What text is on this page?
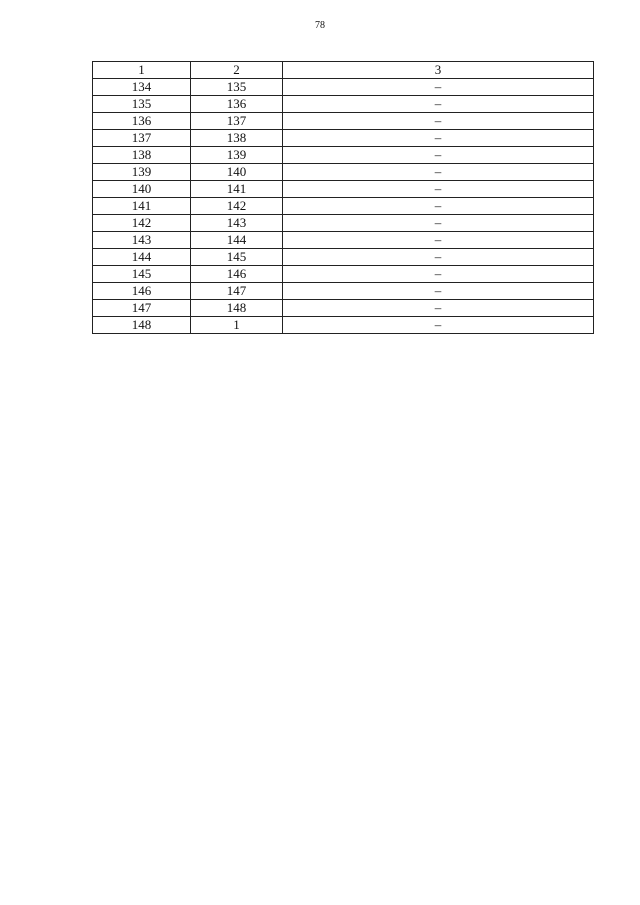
78
1	2	3
134	135	–
135	136	–
136	137	–
137	138	–
138	139	–
139	140	–
140	141	–
141	142	–
142	143	–
143	144	–
144	145	–
145	146	–
146	147	–
147	148	–
148	1	–
